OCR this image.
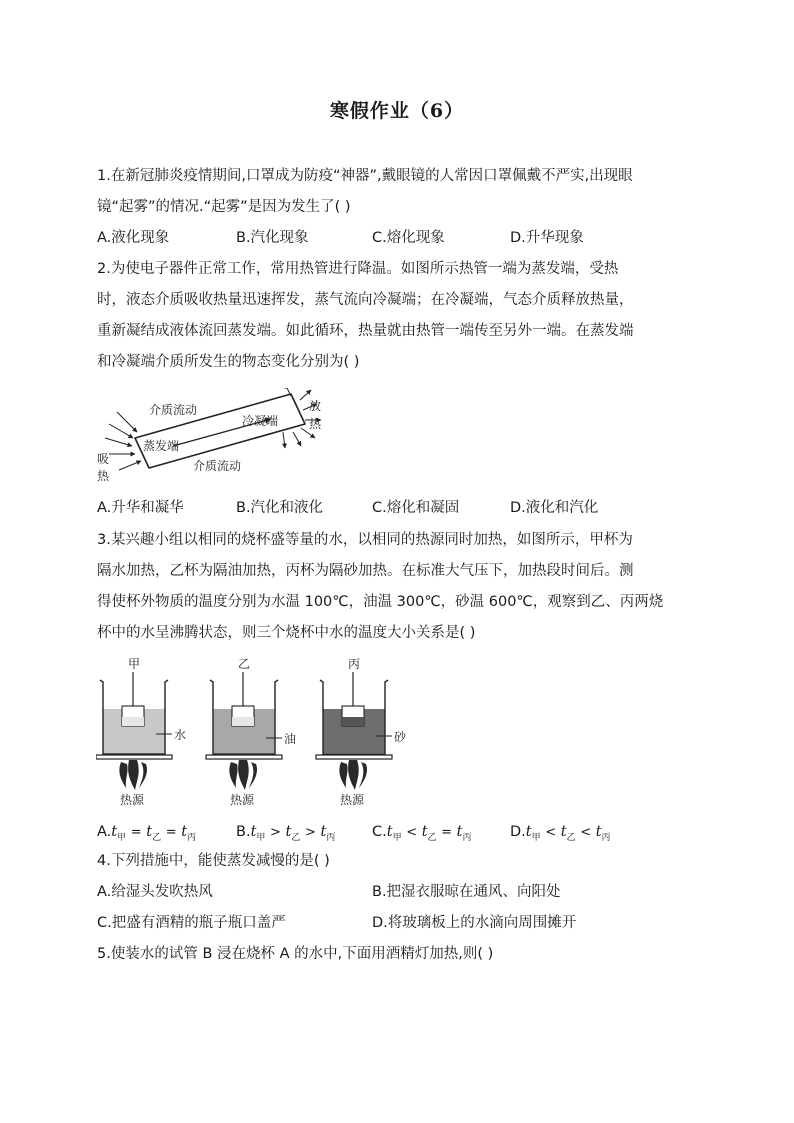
寒假作业（6）
1.在新冠肺炎疫情期间,口罩成为防疫“神器”,戴眼镜的人常因口罩佩戴不严实,出现眼
镜“起雾”的情况.“起雾”是因为发生了( )
A.液化现象	B.汽化现象	C.熔化现象	D.升华现象
2.为使电子器件正常工作，常用热管进行降温。如图所示热管一端为蒸发端，受热
时，液态介质吸收热量迅速挥发，蒸气流向冷凝端；在冷凝端，气态介质释放热量，
重新凝结成液体流回蒸发端。如此循环，热量就由热管一端传至另外一端。在蒸发端
和冷凝端介质所发生的物态变化分别为( )
介质流动
介质流动
蒸发端
冷凝端
吸
热
放
热
A.升华和凝华	B.汽化和液化	C.熔化和凝固	D.液化和汽化
3.某兴趣小组以相同的烧杯盛等量的水，以相同的热源同时加热，如图所示，甲杯为
隔水加热，乙杯为隔油加热，丙杯为隔砂加热。在标准大气压下，加热段时间后。测
得使杯外物质的温度分别为水温 100℃，油温 300℃，砂温 600℃，观察到乙、丙两烧
杯中的水呈沸腾状态，则三个烧杯中水的温度大小关系是( )
甲
水
热源
乙
油
热源
丙
砂
热源
$A.t_甲 = t_乙 = t_丙$	$B.t_甲 > t_乙 > t_丙$	$C.t_甲 < t_乙 = t_丙$	$D.t_甲 < t_乙 < t_丙$
4.下列措施中，能使蒸发减慢的是( )
A.给湿头发吹热风	B.把湿衣服晾在通风、向阳处
C.把盛有酒精的瓶子瓶口盖严	D.将玻璃板上的水滴向周围摊开
5.使装水的试管 B 浸在烧杯 A 的水中,下面用酒精灯加热,则( )
